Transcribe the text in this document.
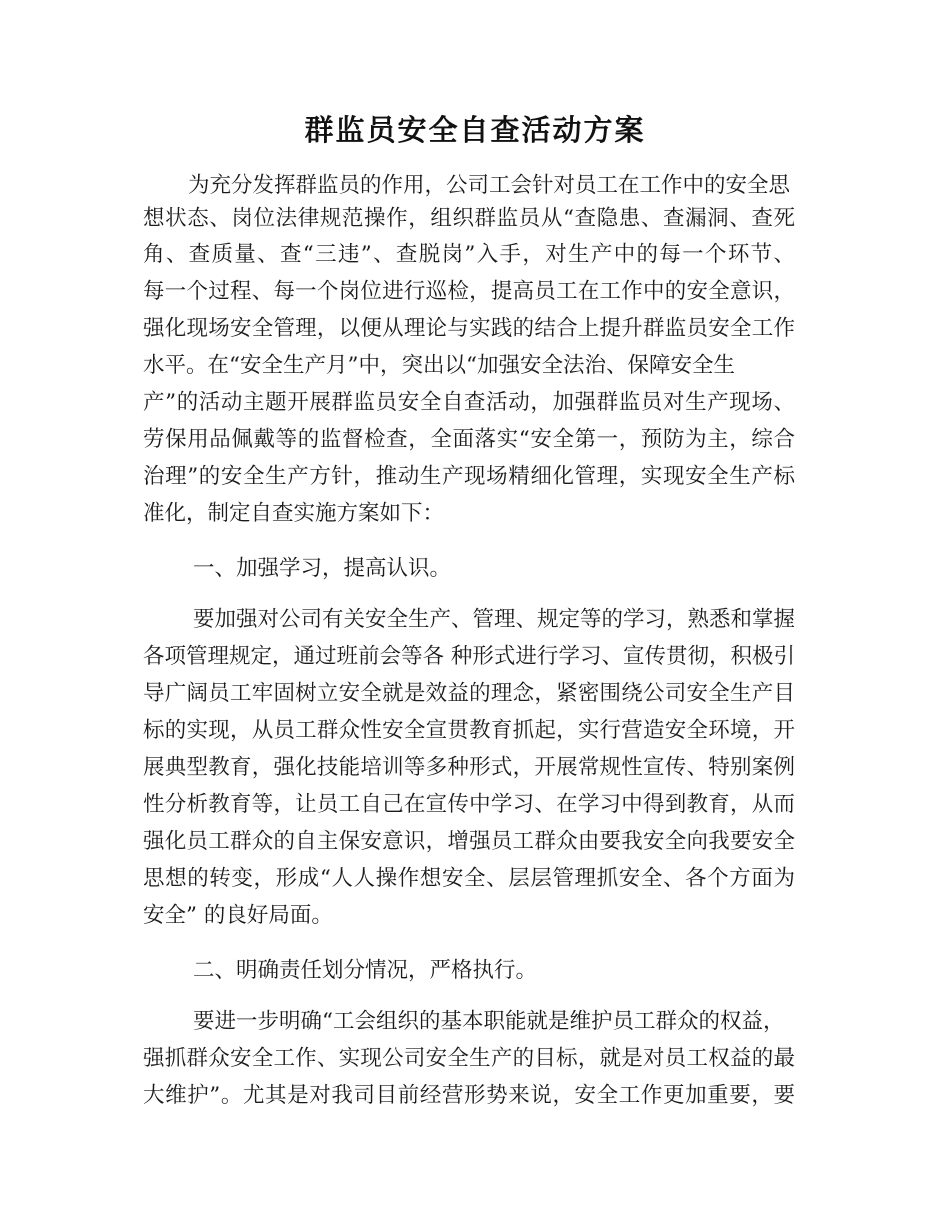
群监员安全自查活动方案
为充分发挥群监员的作用，公司工会针对员工在工作中的安全思
想状态、岗位法律规范操作，组织群监员从“查隐患、查漏洞、查死
角、查质量、查“三违”、查脱岗”入手，对生产中的每一个环节、
每一个过程、每一个岗位进行巡检，提高员工在工作中的安全意识，
强化现场安全管理，以便从理论与实践的结合上提升群监员安全工作
水平。在“安全生产月”中，突出以“加强安全法治、保障安全生
产”的活动主题开展群监员安全自查活动，加强群监员对生产现场、
劳保用品佩戴等的监督检查，全面落实“安全第一，预防为主，综合
治理”的安全生产方针，推动生产现场精细化管理，实现安全生产标
准化，制定自查实施方案如下：
一、加强学习，提高认识。
要加强对公司有关安全生产、管理、规定等的学习，熟悉和掌握
各项管理规定，通过班前会等各 种形式进行学习、宣传贯彻，积极引
导广阔员工牢固树立安全就是效益的理念，紧密围绕公司安全生产目
标的实现，从员工群众性安全宣贯教育抓起，实行营造安全环境，开
展典型教育，强化技能培训等多种形式，开展常规性宣传、特别案例
性分析教育等，让员工自己在宣传中学习、在学习中得到教育，从而
强化员工群众的自主保安意识，增强员工群众由要我安全向我要安全
思想的转变，形成“人人操作想安全、层层管理抓安全、各个方面为
安全” 的良好局面。
二、明确责任划分情况，严格执行。
要进一步明确“工会组织的基本职能就是维护员工群众的权益，
强抓群众安全工作、实现公司安全生产的目标，就是对员工权益的最
大维护”。尤其是对我司目前经营形势来说，安全工作更加重要，要
